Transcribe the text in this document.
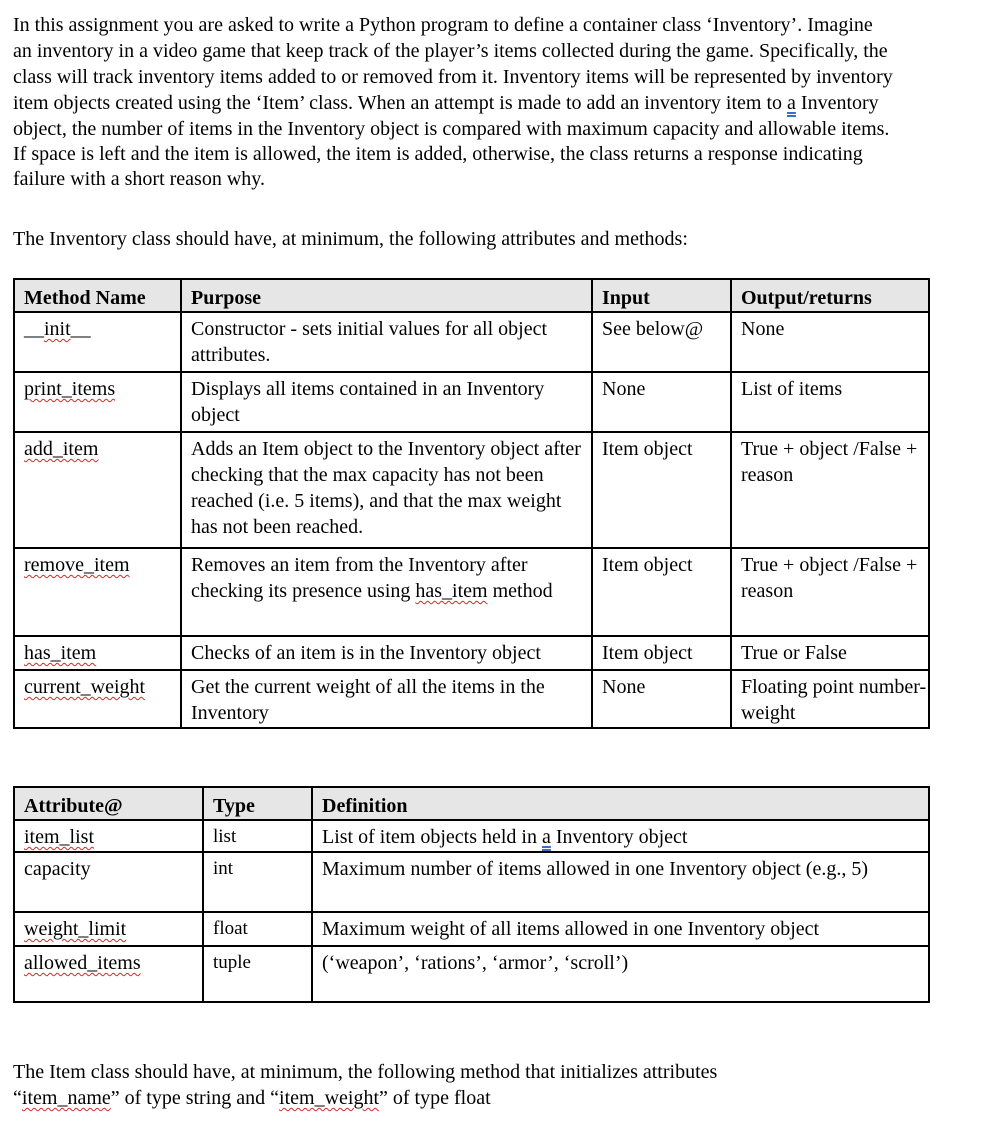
In this assignment you are asked to write a Python program to define a container class ‘Inventory’. Imagine
an inventory in a video game that keep track of the player’s items collected during the game. Specifically, the
class will track inventory items added to or removed from it. Inventory items will be represented by inventory
item objects created using the ‘Item’ class. When an attempt is made to add an inventory item to a Inventory
object, the number of items in the Inventory object is compared with maximum capacity and allowable items.
If space is left and the item is allowed, the item is added, otherwise, the class returns a response indicating
failure with a short reason why.
The Inventory class should have, at minimum, the following attributes and methods:
Method Name	Purpose	Input	Output/returns
__init__	Constructor - sets initial values for all object attributes.	See below@	None
print_items	Displays all items contained in an Inventory object	None	List of items
add_item	Adds an Item object to the Inventory object after checking that the max capacity has not been reached (i.e. 5 items), and that the max weight has not been reached.	Item object	True + object /False + reason
remove_item	Removes an item from the Inventory after checking its presence using has_item method	Item object	True + object /False + reason
has_item	Checks of an item is in the Inventory object	Item object	True or False
current_weight	Get the current weight of all the items in the Inventory	None	Floating point number- weight
Attribute@	Type	Definition
item_list	list	List of item objects held in a Inventory object
capacity	int	Maximum number of items allowed in one Inventory object (e.g., 5)
weight_limit	float	Maximum weight of all items allowed in one Inventory object
allowed_items	tuple	(‘weapon’, ‘rations’, ‘armor’, ‘scroll’)
The Item class should have, at minimum, the following method that initializes attributes
“item_name” of type string and “item_weight” of type float
